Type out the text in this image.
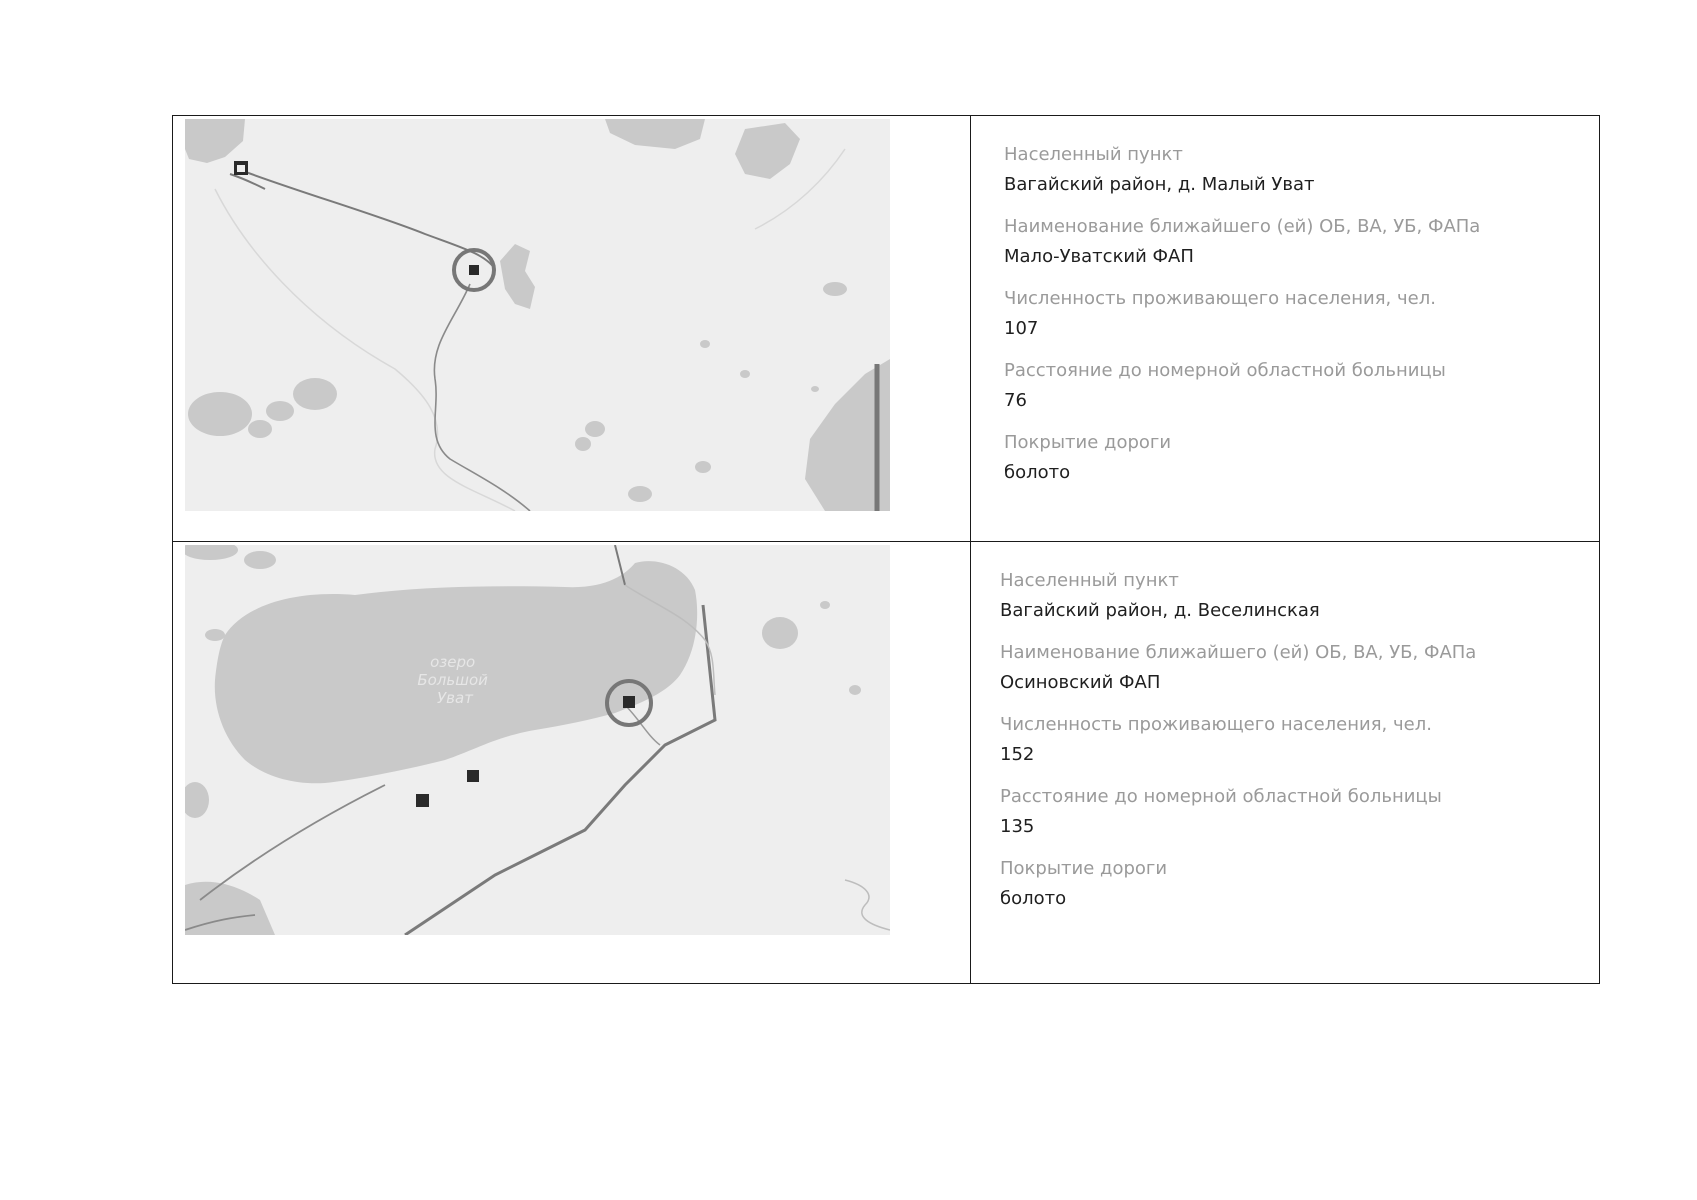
Населенный пункт
Вагайский район, д. Малый Уват
Наименование ближайшего (ей) ОБ, ВА, УБ, ФАПа
Мало-Уватский ФАП
Численность проживающего населения, чел.
107
Расстояние до номерной областной больницы
76
Покрытие дороги
болото
озеро Большой Уват
Населенный пункт
Вагайский район, д. Веселинская
Наименование ближайшего (ей) ОБ, ВА, УБ, ФАПа
Осиновский ФАП
Численность проживающего населения, чел.
152
Расстояние до номерной областной больницы
135
Покрытие дороги
болото
